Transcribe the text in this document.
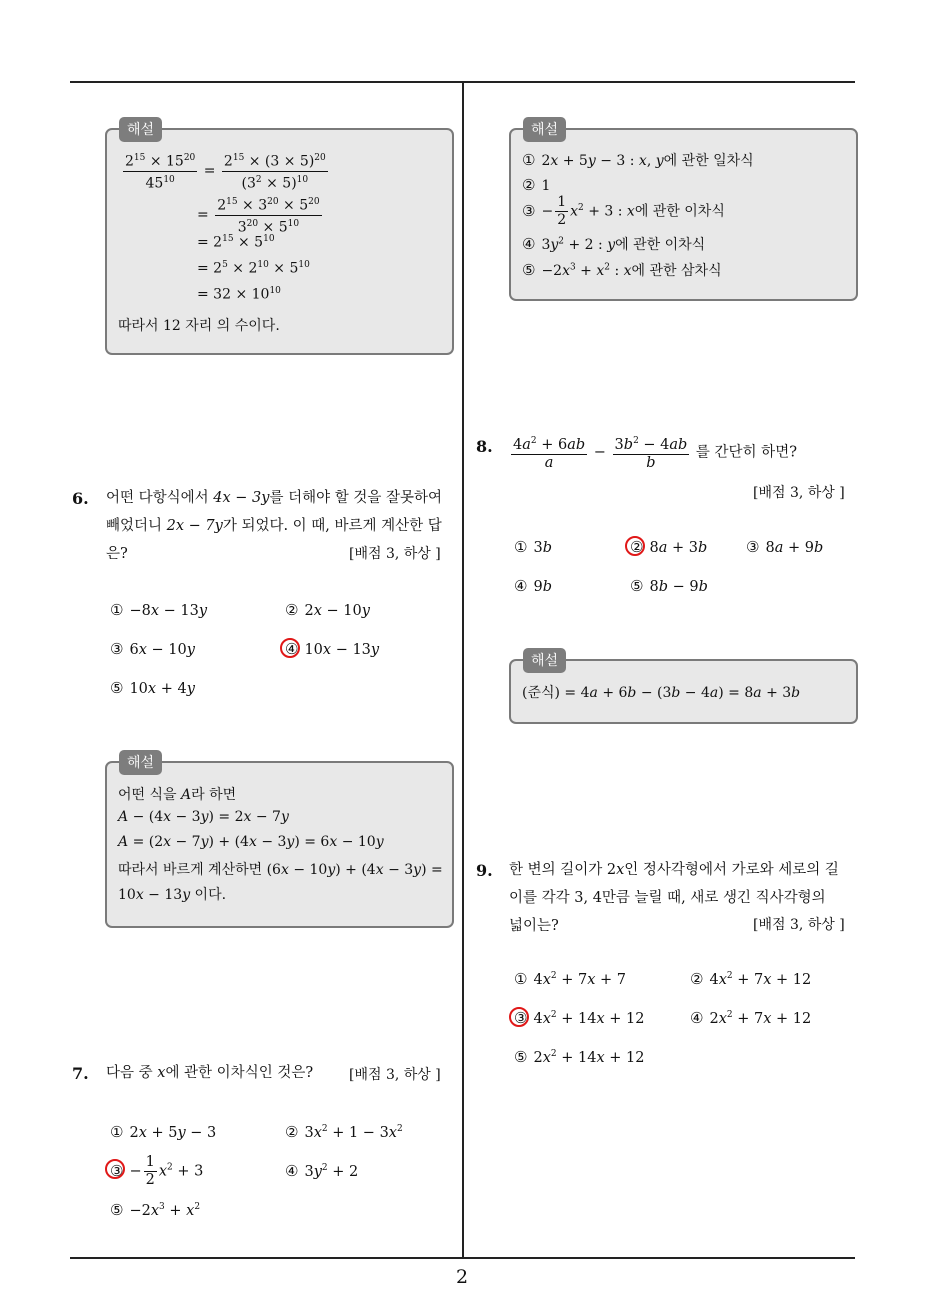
2
해설
$\frac{2^{15} \times 15^{20}}{45^{10}} = \frac{2^{15} \times (3 \times 5)^{20}}{(3^2 \times 5)^{10}}$
= $\frac{2^{15} \times 3^{20} \times 5^{20}}{3^{20} \times 5^{10}}$
= $2^{15} \times 5^{10}$
= $2^5 \times 2^{10} \times 5^{10}$
= $32 \times 10^{10}$
따라서 12 자리 의 수이다.
6. 어떤 다항식에서 4x − 3y를 더해야 할 것을 잘못하여
빼었더니 2x − 7y가 되었다. 이 때, 바르게 계산한 답
은?	[배점 3, 하상 ]
① −8x − 13y	② 2x − 10y
③ 6x − 10y	④ 10x − 13y
⑤ 10x + 4y
해설
어떤 식을 A라 하면
A − (4x − 3y) = 2x − 7y
A = (2x − 7y) + (4x − 3y) = 6x − 10y
따라서 바르게 계산하면 (6x − 10y) + (4x − 3y) =
10x − 13y 이다.
7. 다음 중 x에 관한 이차식인 것은?	[배점 3, 하상 ]
① 2x + 5y − 3	② $3x^2 + 1 - 3x^2$
③ − $\frac{1}{2} x^2 + 3$	④ $3y^2 + 2$
⑤ $-2x^3 + x^2$
해설
① 2x + 5y − 3 : x, y에 관한 일차식
② 1
③ − $\frac{1}{2} x^2 + 3$ : x에 관한 이차식
④ $3y^2 + 2$ : y에 관한 이차식
⑤ $-2x^3 + x^2$ : x에 관한 삼차식
8. $\frac{4a^2 + 6ab}{a} - \frac{3b^2 - 4ab}{b}$ 를 간단히 하면?
[배점 3, 하상 ]
① 3b	② 8a + 3b	③ 8a + 9b
④ 9b	⑤ 8b − 9b
해설
(준식) = 4a + 6b − (3b − 4a) = 8a + 3b
9. 한 변의 길이가 2x인 정사각형에서 가로와 세로의 길
이를 각각 3, 4만큼 늘릴 때, 새로 생긴 직사각형의
넓이는?	[배점 3, 하상 ]
① $4x^2 + 7x + 7$	② $4x^2 + 7x + 12$
③ $4x^2 + 14x + 12$	④ $2x^2 + 7x + 12$
⑤ $2x^2 + 14x + 12$
